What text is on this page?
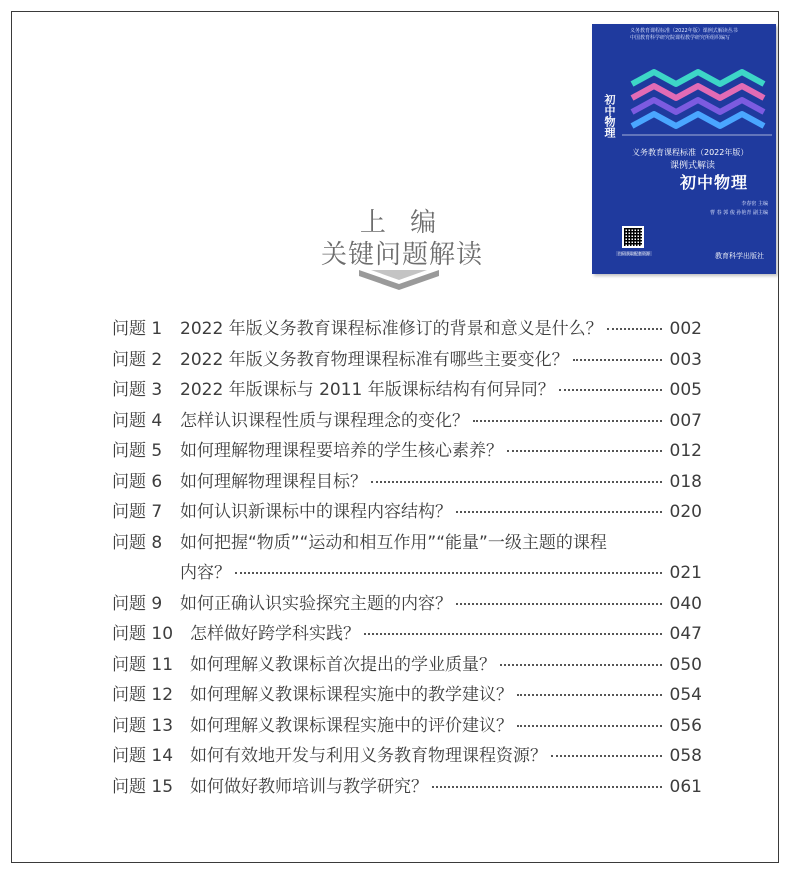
义务教育课程标准（2022年版）课例式解读丛书
中国教育科学研究院课程教学研究所组织编写
初中物理
义务教育课程标准（2022年版）
课例式解读
初中物理
李春密 主编
曹 春 郭 俊 孙艳青 副主编
扫码获取配套资源	教育科学出版社
上 编
关键问题解读
问题 1	2022 年版义务教育课程标准修订的背景和意义是什么？	002
问题 2	2022 年版义务教育物理课程标准有哪些主要变化？	003
问题 3	2022 年版课标与 2011 年版课标结构有何异同？	005
问题 4	怎样认识课程性质与课程理念的变化？	007
问题 5	如何理解物理课程要培养的学生核心素养？	012
问题 6	如何理解物理课程目标？	018
问题 7	如何认识新课标中的课程内容结构？	020
问题 8	如何把握“物质”“运动和相互作用”“能量”一级主题的课程
内容？	021
问题 9	如何正确认识实验探究主题的内容？	040
问题 10 怎样做好跨学科实践？	047
问题 11 如何理解义教课标首次提出的学业质量？	050
问题 12 如何理解义教课标课程实施中的教学建议？	054
问题 13 如何理解义教课标课程实施中的评价建议？	056
问题 14 如何有效地开发与利用义务教育物理课程资源？	058
问题 15 如何做好教师培训与教学研究？	061
